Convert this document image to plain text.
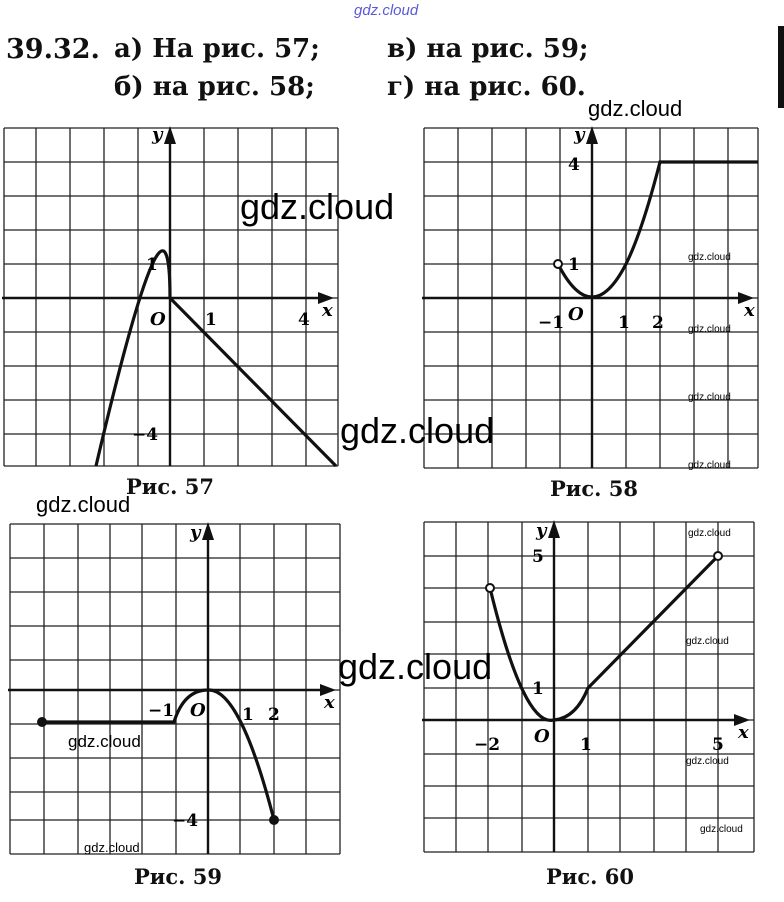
gdz.cloud
39.32. а) На рис. 57;	в) на рис. 59;
б) на рис. 58;	г) на рис. 60.
x
y
O
1
1	4
−4
Рис. 57
x
y
O
4
1
−1	1 2
Рис. 58
x
y
O
−1	1 2
−4
Рис. 59
x
y
O
5
1
−2	1	5
Рис. 60
gdz.cloud
gdz.cloud
gdz.cloud
gdz.cloud
gdz.cloud
gdz.cloud
gdz.cloud
gdz.cloud
gdz.cloud
gdz.cloud
gdz.cloud
gdz.cloud
gdz.cloud
gdz.cloud
gdz.cloud
